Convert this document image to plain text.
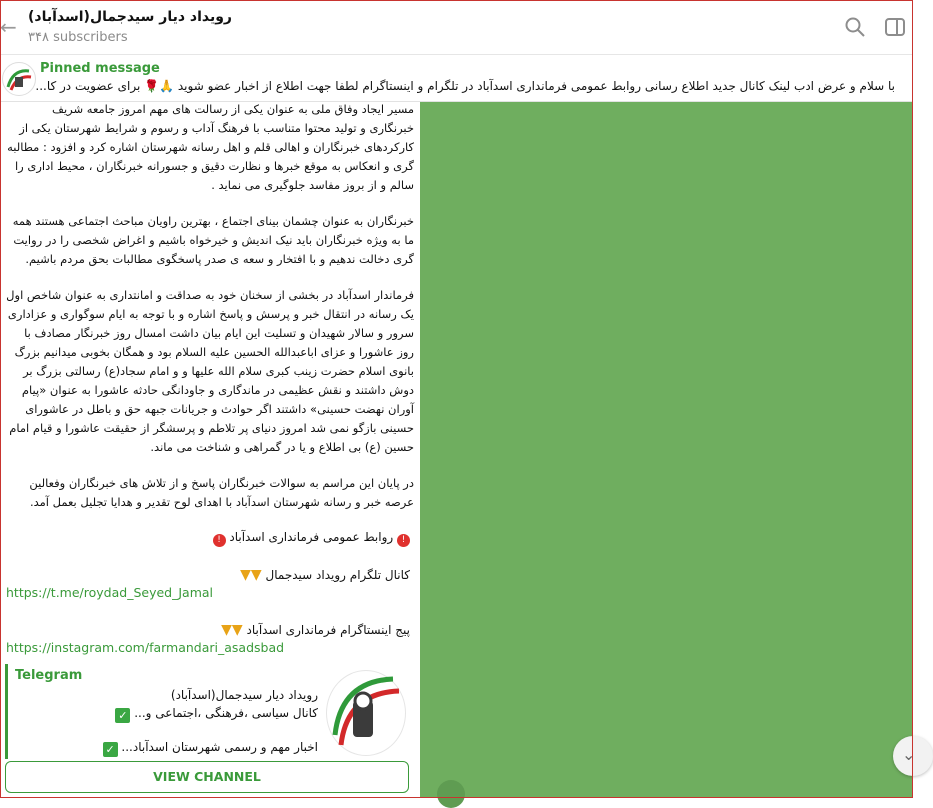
← رویداد دیار سیدجمال(اسدآباد)
۳۴۸ subscribers
Pinned message
با سلام و عرض ادب لینک کانال جدید اطلاع رسانی روابط عمومی فرمانداری اسدآباد در تلگرام و اینستاگرام لطفا جهت اطلاع از اخبار عضو شوید 🙏🌹 برای عضویت در کا...

مسیر ایجاد وفاق ملی به عنوان یکی از رسالت های مهم امروز جامعه شریف خبرنگاری و تولید محتوا متناسب با فرهنگ آداب و رسوم و شرایط شهرستان یکی از کارکردهای خبرنگاران و اهالی قلم و اهل رسانه شهرستان اشاره کرد و افزود : مطالبه گری و انعکاس به موقع خبرها و نظارت دقیق و جسورانه خبرنگاران ، محیط اداری را سالم و از بروز مفاسد جلوگیری می نماید .

خبرنگاران به عنوان چشمان بینای اجتماع ، بهترین راویان مباحث اجتماعی هستند همه ما به ویژه خبرنگاران باید نیک اندیش و خیرخواه باشیم و اغراض شخصی را در روایت گری دخالت ندهیم و با افتخار و سعه ی صدر پاسخگوی مطالبات بحق مردم باشیم.

فرماندار اسدآباد در بخشی از سخنان خود به صداقت و امانتداری به عنوان شاخص اول یک رسانه در انتقال خبر و پرسش و پاسخ اشاره و با توجه به ایام سوگواری و عزاداری سرور و سالار شهیدان و تسلیت این ایام بیان داشت امسال روز خبرنگار مصادف با روز عاشورا و عزای اباعبدالله الحسین علیه السلام بود و همگان بخوبی میدانیم بزرگ بانوی اسلام حضرت زینب کبری سلام الله علیها و و امام سجاد(ع) رسالتی بزرگ بر دوش داشتند و نقش عظیمی در ماندگاری و جاودانگی حادثه عاشورا به عنوان «پیام آوران نهضت حسینی» داشتند اگر حوادث و جریانات جبهه حق و باطل در عاشورای حسینی بازگو نمی شد امروز دنیای پر تلاطم و پرسشگر از حقیقت عاشورا و قیام امام حسین (ع) بی اطلاع و یا در گمراهی و شناخت می ماند.

در پایان این مراسم به سوالات خبرنگاران پاسخ و از تلاش های خبرنگاران وفعالین عرصه خبر و رسانه شهرستان اسدآباد با اهدای لوح تقدیر و هدایا تجلیل بعمل آمد.

! روابط عمومی فرمانداری اسدآباد !
کانال تلگرام رویداد سیدجمال ▼▼
https://t.me/roydad_Seyed_Jamal
پیج اینستاگرام فرمانداری اسدآباد ▼▼
https://instagram.com/farmandari_asadsbad
Telegram
رویداد دیار سیدجمال(اسدآباد)
کانال سیاسی ،فرهنگی ،اجتماعی و... ✓
اخبار مهم و رسمی شهرستان اسدآباد... ✓
VIEW CHANNEL
⌄
